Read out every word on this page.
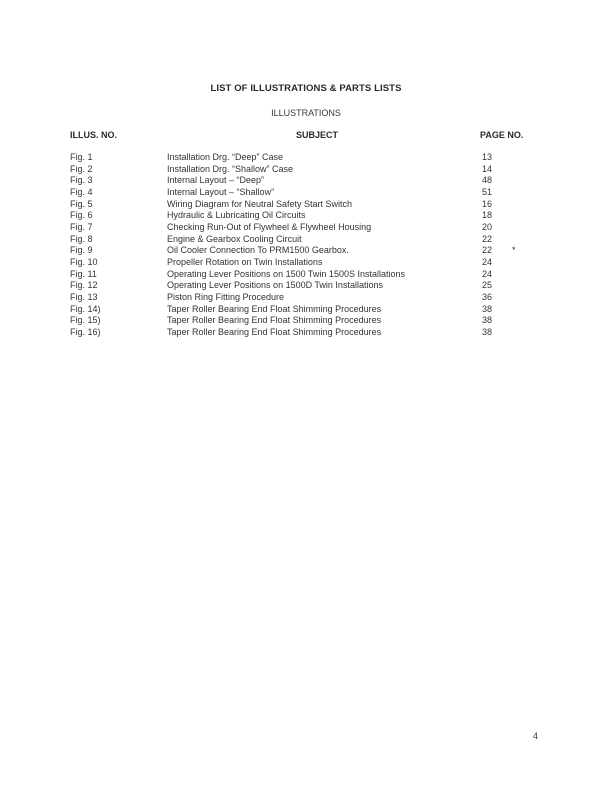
LIST OF ILLUSTRATIONS & PARTS LISTS
ILLUSTRATIONS
ILLUS. NO.	SUBJECT	PAGE NO.
Fig. 1	Installation Drg. “Deep” Case	13
Fig. 2	Installation Drg. “Shallow” Case	14
Fig. 3	Internal Layout – “Deep”	48
Fig. 4	Internal Layout – “Shallow”	51
Fig. 5	Wiring Diagram for Neutral Safety Start Switch	16
Fig. 6	Hydraulic & Lubricating Oil Circuits	18
Fig. 7	Checking Run-Out of Flywheel & Flywheel Housing	20
Fig. 8	Engine & Gearbox Cooling Circuit	22
Fig. 9	Oil Cooler Connection To PRM1500 Gearbox.	22	*
Fig. 10	Propeller Rotation on Twin Installations	24
Fig. 11	Operating Lever Positions on 1500 Twin 1500S Installations	24
Fig. 12	Operating Lever Positions on 1500D Twin Installations	25
Fig. 13	Piston Ring Fitting Procedure	36
Fig. 14)	Taper Roller Bearing End Float Shimming Procedures	38
Fig. 15)	Taper Roller Bearing End Float Shimming Procedures	38
Fig. 16)	Taper Roller Bearing End Float Shimming Procedures	38
4
